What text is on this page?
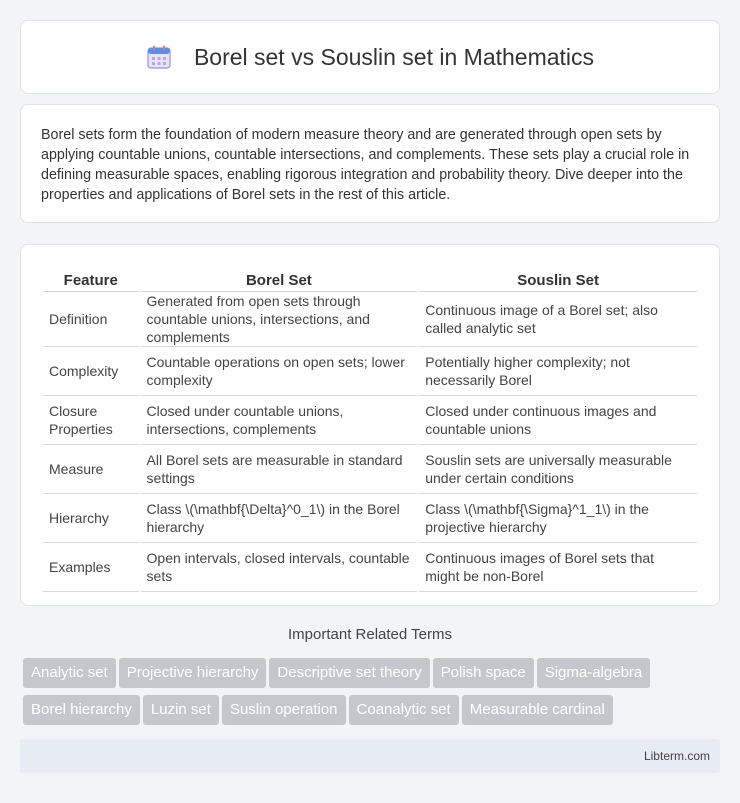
Borel set vs Souslin set in Mathematics

Borel sets form the foundation of modern measure theory and are generated through open sets by applying countable unions, countable intersections, and complements. These sets play a crucial role in defining measurable spaces, enabling rigorous integration and probability theory. Dive deeper into the properties and applications of Borel sets in the rest of this article.

Feature	Borel Set	Souslin Set
Definition	Generated from open sets through countable unions, intersections, and complements	Continuous image of a Borel set; also called analytic set
Complexity	Countable operations on open sets; lower complexity	Potentially higher complexity; not necessarily Borel
Closure Properties	Closed under countable unions, intersections, complements	Closed under continuous images and countable unions
Measure	All Borel sets are measurable in standard settings	Souslin sets are universally measurable under certain conditions
Hierarchy	Class \(\mathbf{\Delta}^0_1\) in the Borel hierarchy	Class \(\mathbf{\Sigma}^1_1\) in the projective hierarchy
Examples	Open intervals, closed intervals, countable sets	Continuous images of Borel sets that might be non-Borel
Important Related Terms
Analytic set Projective hierarchy Descriptive set theory Polish space Sigma-algebra
Borel hierarchy Luzin set Suslin operation Coanalytic set Measurable cardinal
Libterm.com
